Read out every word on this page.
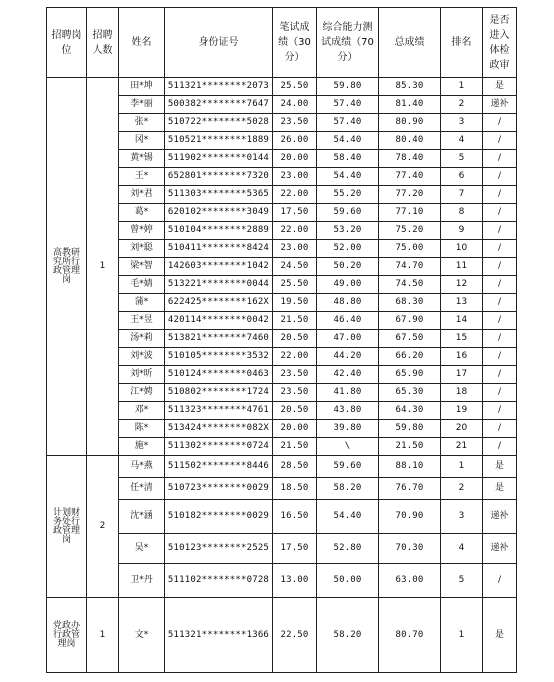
招聘岗位	招聘人数	姓名	身份证号	笔试成绩（30分）	综合能力测试成绩（70分）	总成绩	排名	是否进入体检政审
高教研究所行政管理岗	1	田*坤	511321********2073	25.50	59.80	85.30	1	是
		李*丽	500382********7647	24.00	57.40	81.40	2	递补
		张*	510722********5028	23.50	57.40	80.90	3	/
		冈*	510521********1889	26.00	54.40	80.40	4	/
		黄*锡	511902********0144	20.00	58.40	78.40	5	/
		王*	652801********7320	23.00	54.40	77.40	6	/
		刘*君	511303********5365	22.00	55.20	77.20	7	/
		葛*	620102********3049	17.50	59.60	77.10	8	/
		曾*婷	510104********2889	22.00	53.20	75.20	9	/
		刘*聪	510411********8424	23.00	52.00	75.00	10	/
		梁*智	142603********1042	24.50	50.20	74.70	11	/
		毛*婧	513221********0044	25.50	49.00	74.50	12	/
		蒲*	622425********162X	19.50	48.80	68.30	13	/
		王*昱	420114********0042	21.50	46.40	67.90	14	/
		汤*莉	513821********7460	20.50	47.00	67.50	15	/
		刘*波	510105********3532	22.00	44.20	66.20	16	/
		刘*昕	510124********0463	23.50	42.40	65.90	17	/
		江*娉	510802********1724	23.50	41.80	65.30	18	/
		邓*	511323********4761	20.50	43.80	64.30	19	/
		陈*	513424********082X	20.00	39.80	59.80	20	/
		施*	511302********0724	21.50	\	21.50	21	/
计划财务处行政管理岗	2	马*燕	511502********8446	28.50	59.60	88.10	1	是
		任*清	510723********0029	18.50	58.20	76.70	2	是
		沈*涵	510182********0029	16.50	54.40	70.90	3	递补
		吴*	510123********2525	17.50	52.80	70.30	4	递补
		卫*丹	511102********0728	13.00	50.00	63.00	5	/
党政办行政管理岗	1	文*	511321********1366	22.50	58.20	80.70	1	是
